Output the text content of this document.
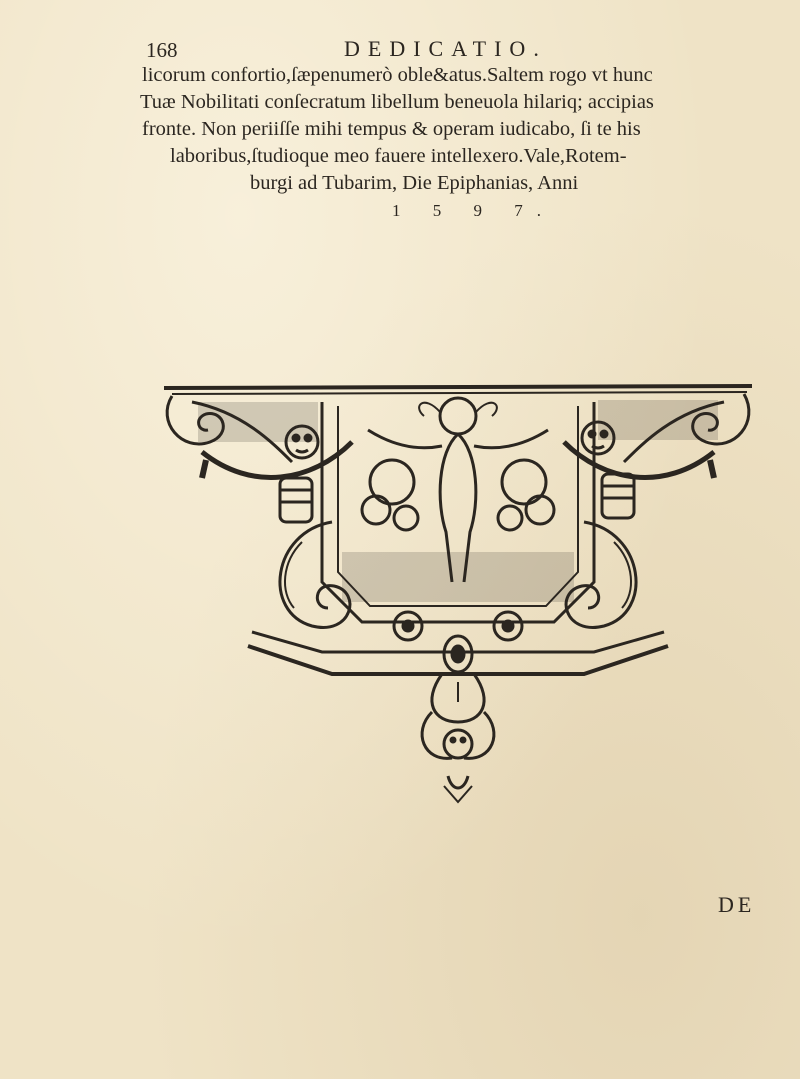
168	DEDICATIO.
licorum confortio,ſæpenumerò oble&atus.Saltem rogo vt hunc
Tuæ Nobilitati conſecratum libellum beneuola hilariq; accipias
fronte. Non periiſſe mihi tempus & operam iudicabo, ſi te his
laboribus,ſtudioque meo fauere intellexero.Vale,Rotem-
burgi ad Tubarim, Die Epiphanias, Anni
1 5 9 7.
DE
